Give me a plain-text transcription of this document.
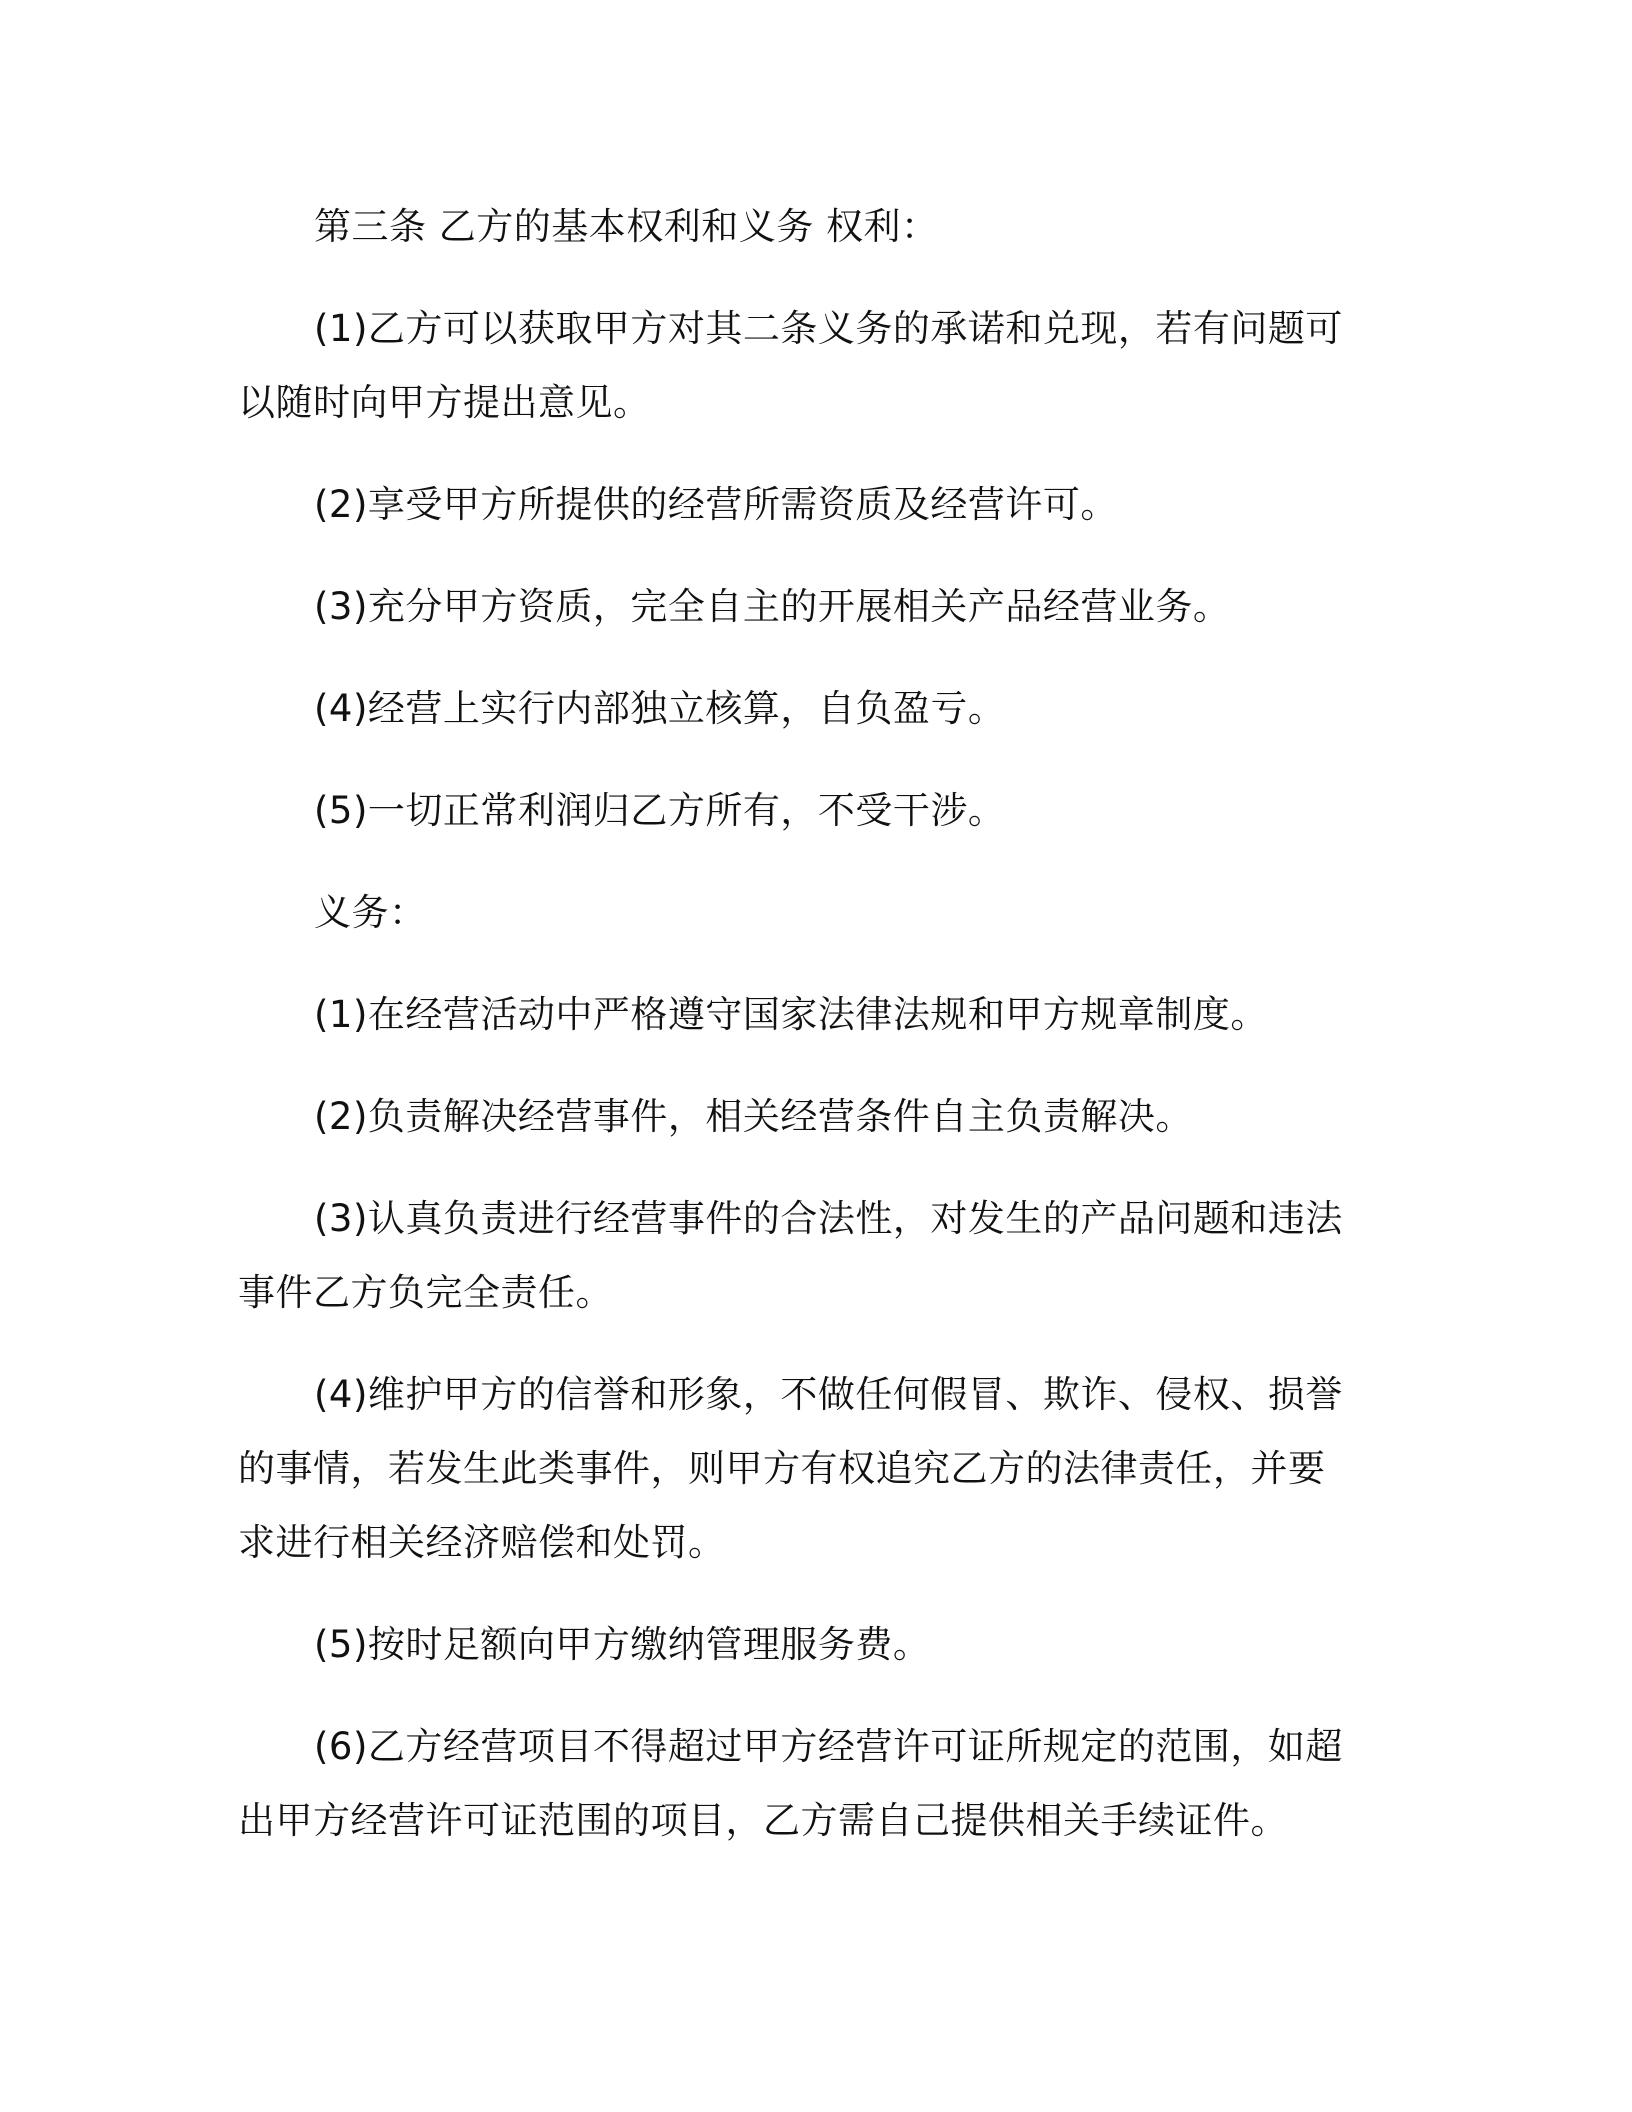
第三条 乙方的基本权利和义务 权利：

(1)乙方可以获取甲方对其二条义务的承诺和兑现，若有问题可以随时向甲方提出意见。

(2)享受甲方所提供的经营所需资质及经营许可。

(3)充分甲方资质，完全自主的开展相关产品经营业务。

(4)经营上实行内部独立核算，自负盈亏。

(5)一切正常利润归乙方所有，不受干涉。

义务：

(1)在经营活动中严格遵守国家法律法规和甲方规章制度。

(2)负责解决经营事件，相关经营条件自主负责解决。

(3)认真负责进行经营事件的合法性，对发生的产品问题和违法事件乙方负完全责任。

(4)维护甲方的信誉和形象，不做任何假冒、欺诈、侵权、损誉的事情，若发生此类事件，则甲方有权追究乙方的法律责任，并要求进行相关经济赔偿和处罚。

(5)按时足额向甲方缴纳管理服务费。

(6)乙方经营项目不得超过甲方经营许可证所规定的范围，如超出甲方经营许可证范围的项目，乙方需自己提供相关手续证件。
